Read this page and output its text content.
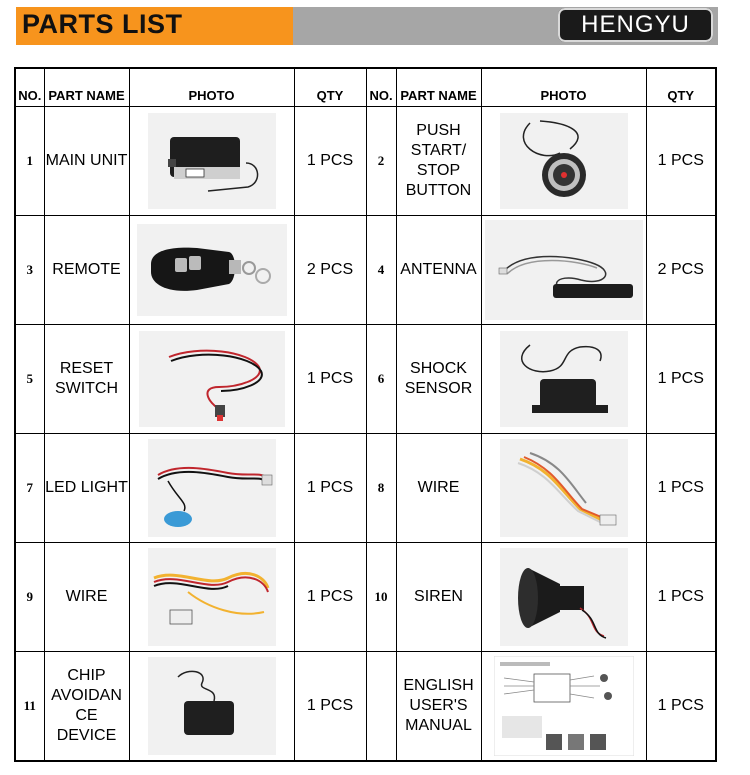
PARTS LIST	HENGYU
NO.	PART NAME	PHOTO	QTY	NO.	PART NAME	PHOTO	QTY
1	MAIN UNIT		1 PCS	2	PUSH START/ STOP BUTTON		1 PCS
3	REMOTE		2 PCS	4	ANTENNA		2 PCS
5	RESET SWITCH		1 PCS	6	SHOCK SENSOR		1 PCS
7	LED LIGHT		1 PCS	8	WIRE		1 PCS
9	WIRE		1 PCS	10	SIREN		1 PCS
11	CHIP AVOIDAN CE DEVICE		1 PCS		ENGLISH USER'S MANUAL		1 PCS
